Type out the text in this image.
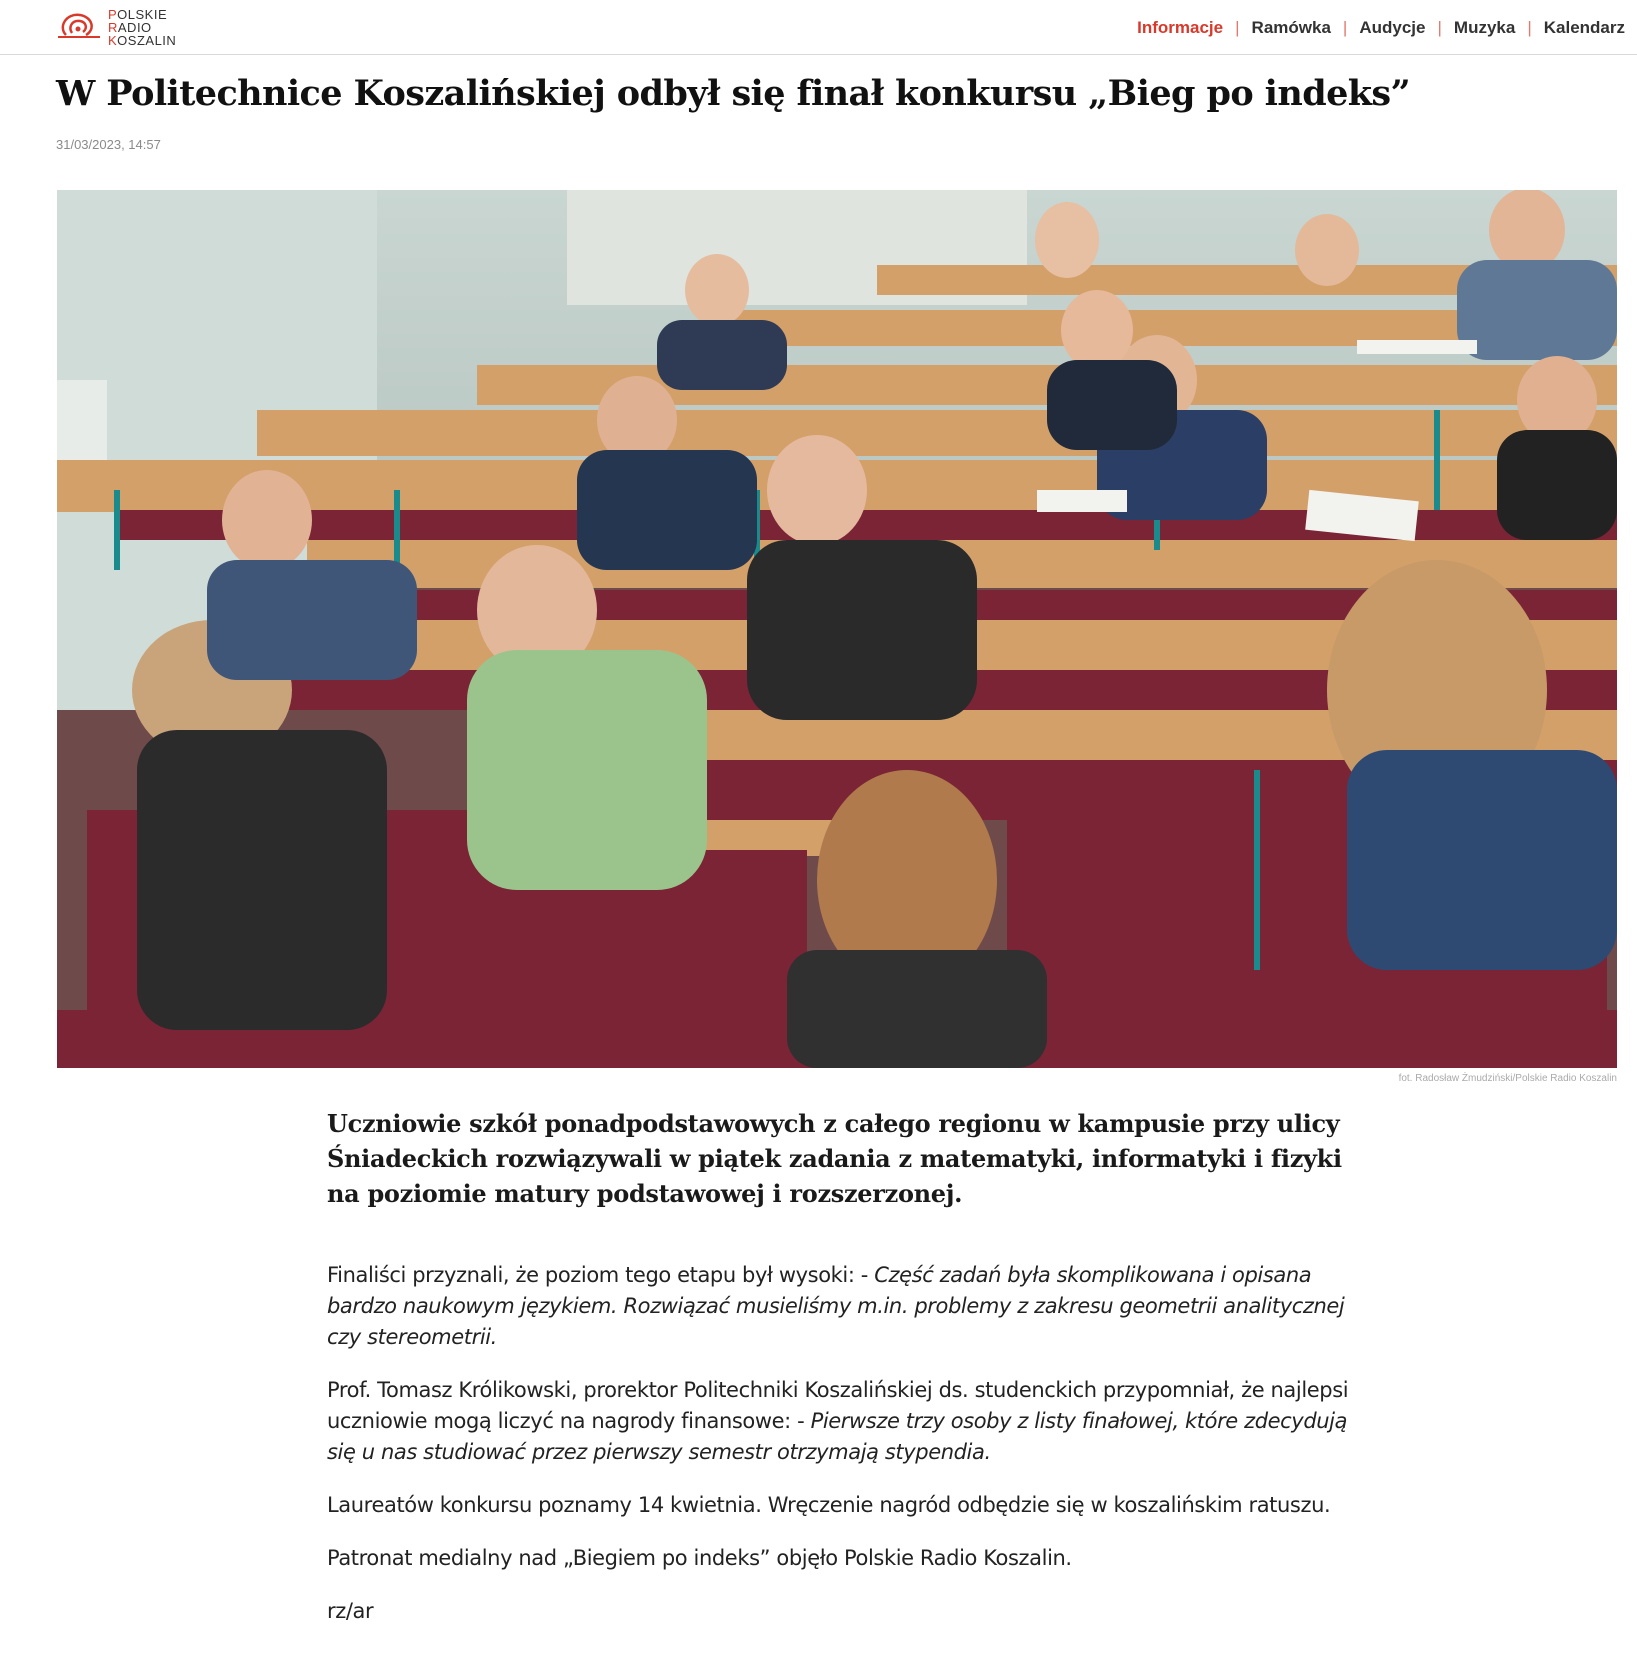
POLSKIE
RADIO
KOSZALIN
Informacje | Ramówka | Audycje | Muzyka | Kalendarz
W Politechnice Koszalińskiej odbył się finał konkursu „Bieg po indeks”
31/03/2023, 14:57
fot. Radosław Żmudziński/Polskie Radio Koszalin

Uczniowie szkół ponadpodstawowych z całego regionu w kampusie przy ulicy Śniadeckich rozwiązywali w piątek zadania z matematyki, informatyki i fizyki na poziomie matury podstawowej i rozszerzonej.

Finaliści przyznali, że poziom tego etapu był wysoki: - Część zadań była skomplikowana i opisana bardzo naukowym językiem. Rozwiązać musieliśmy m.in. problemy z zakresu geometrii analitycznej czy stereometrii.

Prof. Tomasz Królikowski, prorektor Politechniki Koszalińskiej ds. studenckich przypomniał, że najlepsi uczniowie mogą liczyć na nagrody finansowe: - Pierwsze trzy osoby z listy finałowej, które zdecydują się u nas studiować przez pierwszy semestr otrzymają stypendia.

Laureatów konkursu poznamy 14 kwietnia. Wręczenie nagród odbędzie się w koszalińskim ratuszu.

Patronat medialny nad „Biegiem po indeks” objęło Polskie Radio Koszalin.

rz/ar
